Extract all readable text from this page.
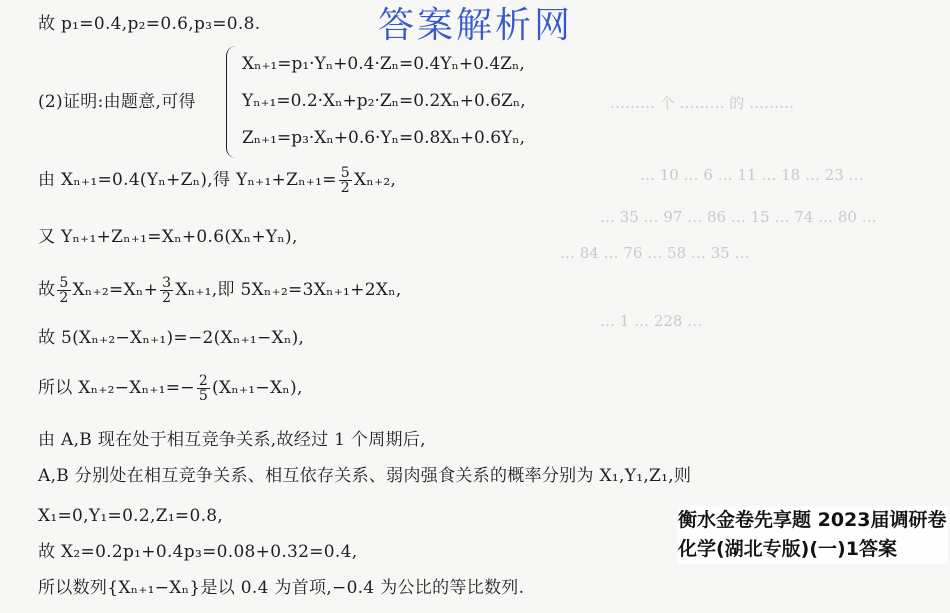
……… 个 ……… 的 ………
… 10 … 6 … 11 … 18 … 23 …
… 35 … 97 … 86 … 15 … 74 … 80 …
… 84 … 76 … 58 … 35 …
… 1 … 228 …
答案解析网
故 p₁=0.4,p₂=0.6,p₃=0.8.
(2)证明:由题意,可得
Xₙ₊₁=p₁·Yₙ+0.4·Zₙ=0.4Yₙ+0.4Zₙ,
Yₙ₊₁=0.2·Xₙ+p₂·Zₙ=0.2Xₙ+0.6Zₙ,
Zₙ₊₁=p₃·Xₙ+0.6·Yₙ=0.8Xₙ+0.6Yₙ,
由 Xₙ₊₁=0.4(Yₙ+Zₙ),得 $Y_{n+1}+Z_{n+1}= \frac{5}{2} X_{n+2}$,
又 Yₙ₊₁+Zₙ₊₁=Xₙ+0.6(Xₙ+Yₙ),
故 $\frac{5}{2} X_{n+2}=X_n+ \frac{3}{2} X_{n+1}$,即 5Xₙ₊₂=3Xₙ₊₁+2Xₙ,
故 5(Xₙ₊₂−Xₙ₊₁)=−2(Xₙ₊₁−Xₙ),
所以 $X_{n+2}-X_{n+1}=- \frac{2}{5} (X_{n+1}-X_n)$,
由 A,B 现在处于相互竞争关系,故经过 1 个周期后,
A,B 分别处在相互竞争关系、相互依存关系、弱肉强食关系的概率分别为 X₁,Y₁,Z₁,则
X₁=0,Y₁=0.2,Z₁=0.8,
故 X₂=0.2p₁+0.4p₃=0.08+0.32=0.4,
所以数列{Xₙ₊₁−Xₙ}是以 0.4 为首项,−0.4 为公比的等比数列.
衡水金卷先享题 2023届调研卷 化学(湖北专版)(一)1答案
